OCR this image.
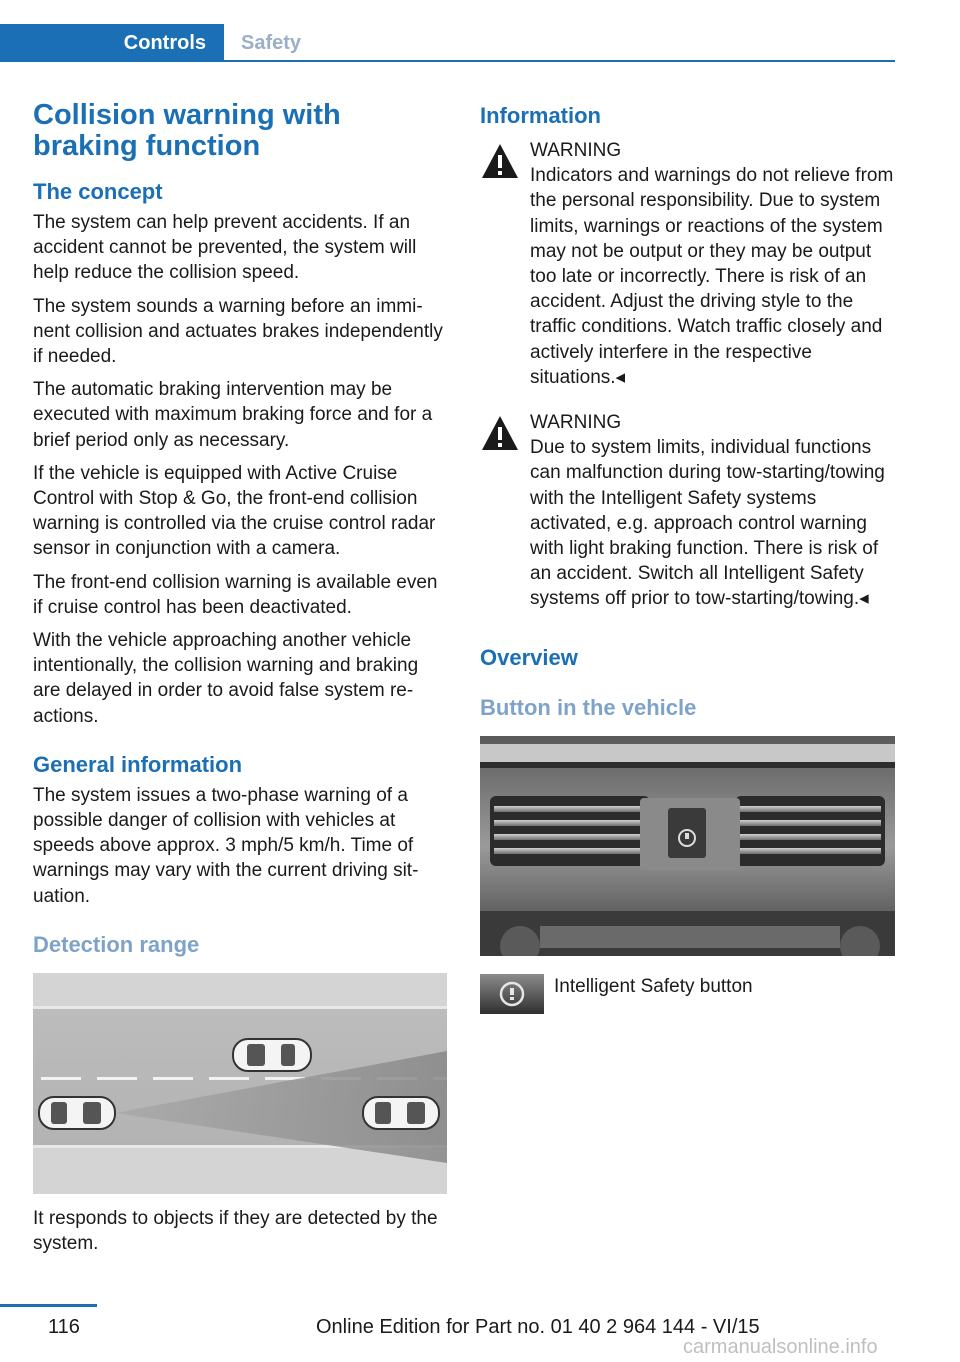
Controls	Safety
Collision warning with braking function
The concept

The system can help prevent accidents. If an accident cannot be prevented, the system will help reduce the collision speed.

The system sounds a warning before an imminent collision and actuates brakes independently if needed.

The automatic braking intervention may be executed with maximum braking force and for a brief period only as necessary.

If the vehicle is equipped with Active Cruise Control with Stop & Go, the front-end collision warning is controlled via the cruise control radar sensor in conjunction with a camera.

The front-end collision warning is available even if cruise control has been deactivated.

With the vehicle approaching another vehicle intentionally, the collision warning and braking are delayed in order to avoid false system reactions.

General information

The system issues a two-phase warning of a possible danger of collision with vehicles at speeds above approx. 3 mph/5 km/h. Time of warnings may vary with the current driving situation.

Detection range

It responds to objects if they are detected by the system.

Information
WARNING

Indicators and warnings do not relieve from the personal responsibility. Due to system limits, warnings or reactions of the system may not be output or they may be output too late or incorrectly. There is risk of an accident. Adjust the driving style to the traffic conditions. Watch traffic closely and actively interfere in the respective situations.◂

WARNING

Due to system limits, individual functions can malfunction during tow-starting/towing with the Intelligent Safety systems activated, e.g. approach control warning with light braking function. There is risk of an accident. Switch all Intelligent Safety systems off prior to tow-starting/towing.◂

Overview
Button in the vehicle
Intelligent Safety button
116	Online Edition for Part no. 01 40 2 964 144 - VI/15
carmanualsonline.info
